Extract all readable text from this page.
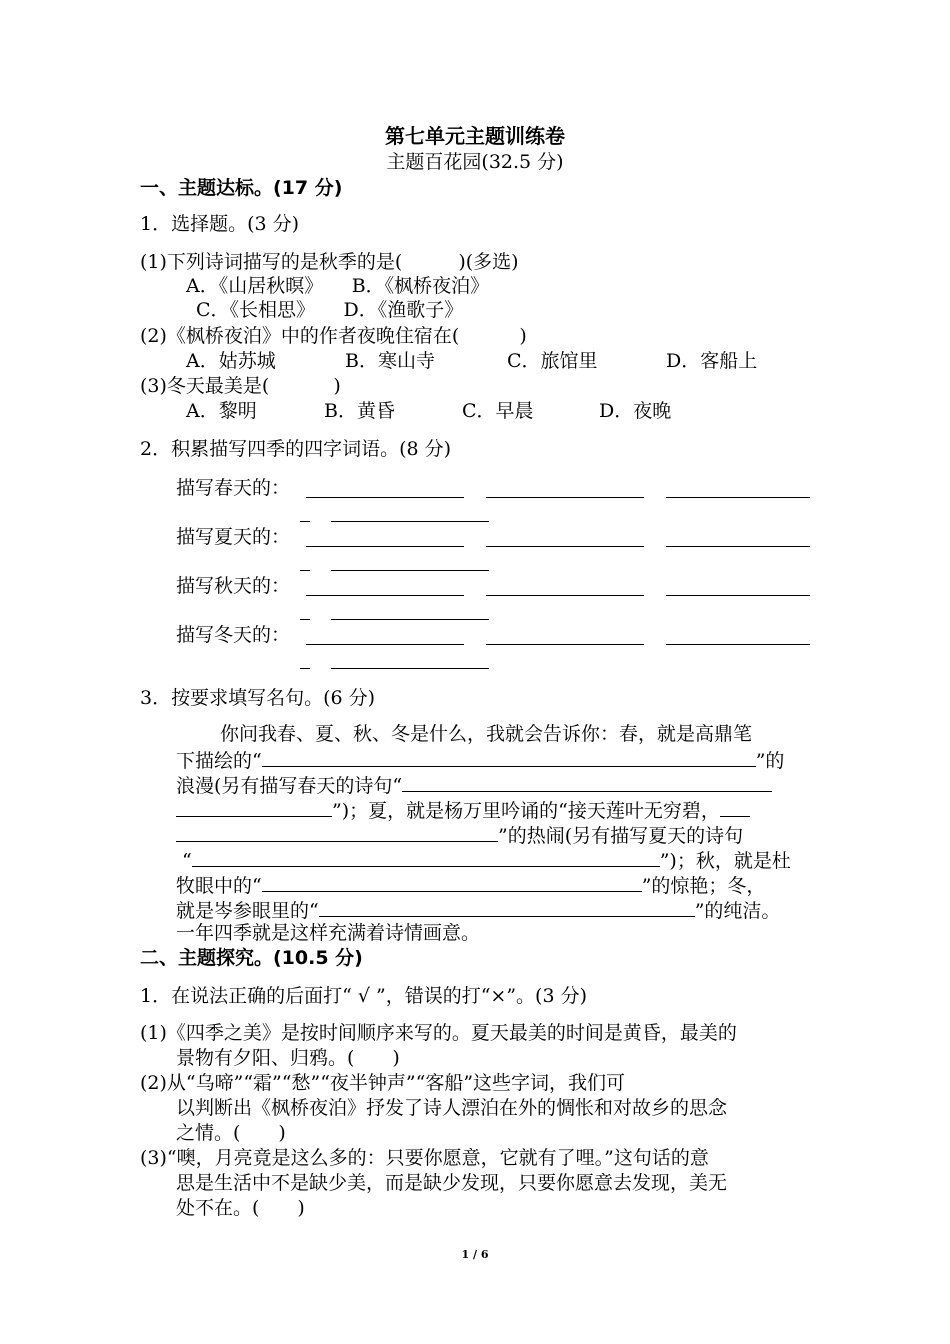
第七单元主题训练卷
主题百花园(32.5 分)
一、主题达标。(17 分)
1．选择题。(3 分)
(1)下列诗词描写的是秋季的是(	)(多选)
A．《山居秋暝》　　B．《枫桥夜泊》
C．《长相思》　　D．《渔歌子》
(2)《枫桥夜泊》中的作者夜晚住宿在(	)
A．姑苏城	B．寒山寺	C．旅馆里	D．客船上
(3)冬天最美是(	)
A．黎明	B．黄昏	C．早晨	D．夜晚
2．积累描写四季的四字词语。(8 分)
描写春天的：
描写夏天的：
描写秋天的：
描写冬天的：
3．按要求填写名句。(6 分)
你问我春、夏、秋、冬是什么，我就会告诉你：春，就是高鼎笔
下描绘的“	”的
浪漫(另有描写春天的诗句“
”)；夏，就是杨万里吟诵的“接天莲叶无穷碧，
”的热闹(另有描写夏天的诗句
“	”)；秋，就是杜
牧眼中的“	”的惊艳；冬，
就是岑参眼里的“	”的纯洁。
一年四季就是这样充满着诗情画意。
二、主题探究。(10.5 分)
1．在说法正确的后面打“ √ ”，错误的打“×”。(3 分)
(1)《四季之美》是按时间顺序来写的。夏天最美的时间是黄昏，最美的
景物有夕阳、归鸦。(　　)
(2)从“乌啼”“霜”“愁”“夜半钟声”“客船”这些字词，我们可
以判断出《枫桥夜泊》抒发了诗人漂泊在外的惆怅和对故乡的思念
之情。(　　)
(3)“噢，月亮竟是这么多的：只要你愿意，它就有了哩。”这句话的意
思是生活中不是缺少美，而是缺少发现，只要你愿意去发现，美无
处不在。(　　)
1 / 6
